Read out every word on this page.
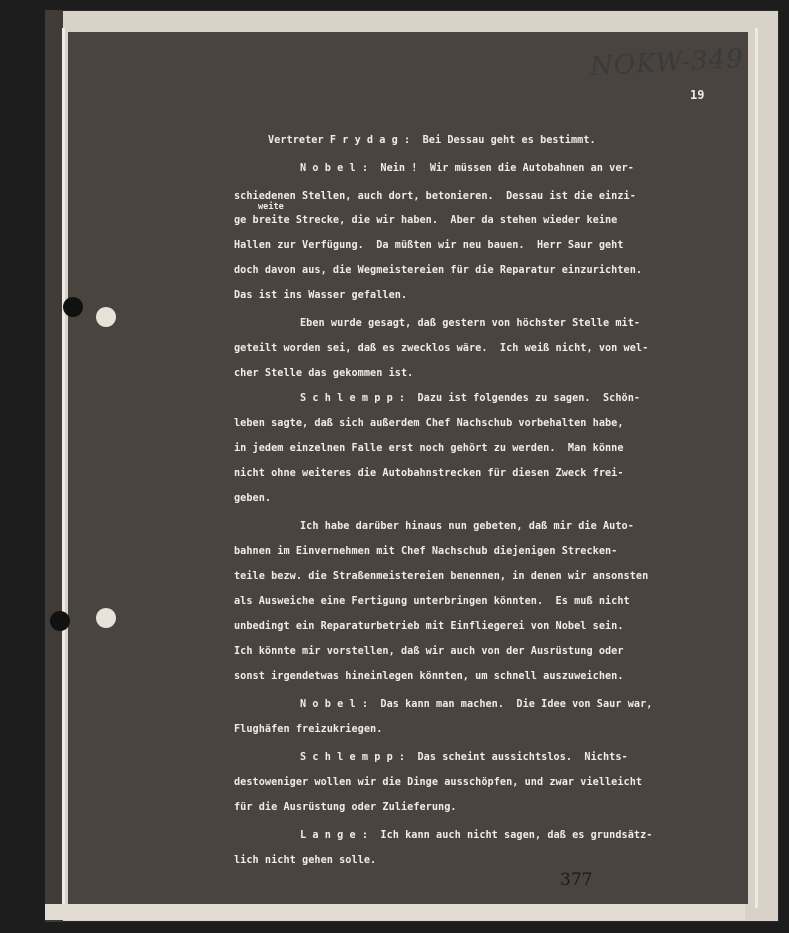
NOKW-349
19
Vertreter F r y d a g :  Bei Dessau geht es bestimmt.
N o b e l :  Nein !  Wir müssen die Autobahnen an ver-
schiedenen Stellen, auch dort, betonieren.  Dessau ist die einzi-
weite
ge breite Strecke, die wir haben.  Aber da stehen wieder keine
Hallen zur Verfügung.  Da müßten wir neu bauen.  Herr Saur geht
doch davon aus, die Wegmeistereien für die Reparatur einzurichten.
Das ist ins Wasser gefallen.
Eben wurde gesagt, daß gestern von höchster Stelle mit-
geteilt worden sei, daß es zwecklos wäre.  Ich weiß nicht, von wel-
cher Stelle das gekommen ist.
S c h l e m p p :  Dazu ist folgendes zu sagen.  Schön-
leben sagte, daß sich außerdem Chef Nachschub vorbehalten habe,
in jedem einzelnen Falle erst noch gehört zu werden.  Man könne
nicht ohne weiteres die Autobahnstrecken für diesen Zweck frei-
geben.
Ich habe darüber hinaus nun gebeten, daß mir die Auto-
bahnen im Einvernehmen mit Chef Nachschub diejenigen Strecken-
teile bezw. die Straßenmeistereien benennen, in denen wir ansonsten
als Ausweiche eine Fertigung unterbringen könnten.  Es muß nicht
unbedingt ein Reparaturbetrieb mit Einfliegerei von Nobel sein.
Ich könnte mir vorstellen, daß wir auch von der Ausrüstung oder
sonst irgendetwas hineinlegen könnten, um schnell auszuweichen.
N o b e l :  Das kann man machen.  Die Idee von Saur war,
Flughäfen freizukriegen.
S c h l e m p p :  Das scheint aussichtslos.  Nichts-
destoweniger wollen wir die Dinge ausschöpfen, und zwar vielleicht
für die Ausrüstung oder Zulieferung.
L a n g e :  Ich kann auch nicht sagen, daß es grundsätz-
lich nicht gehen solle.
377
